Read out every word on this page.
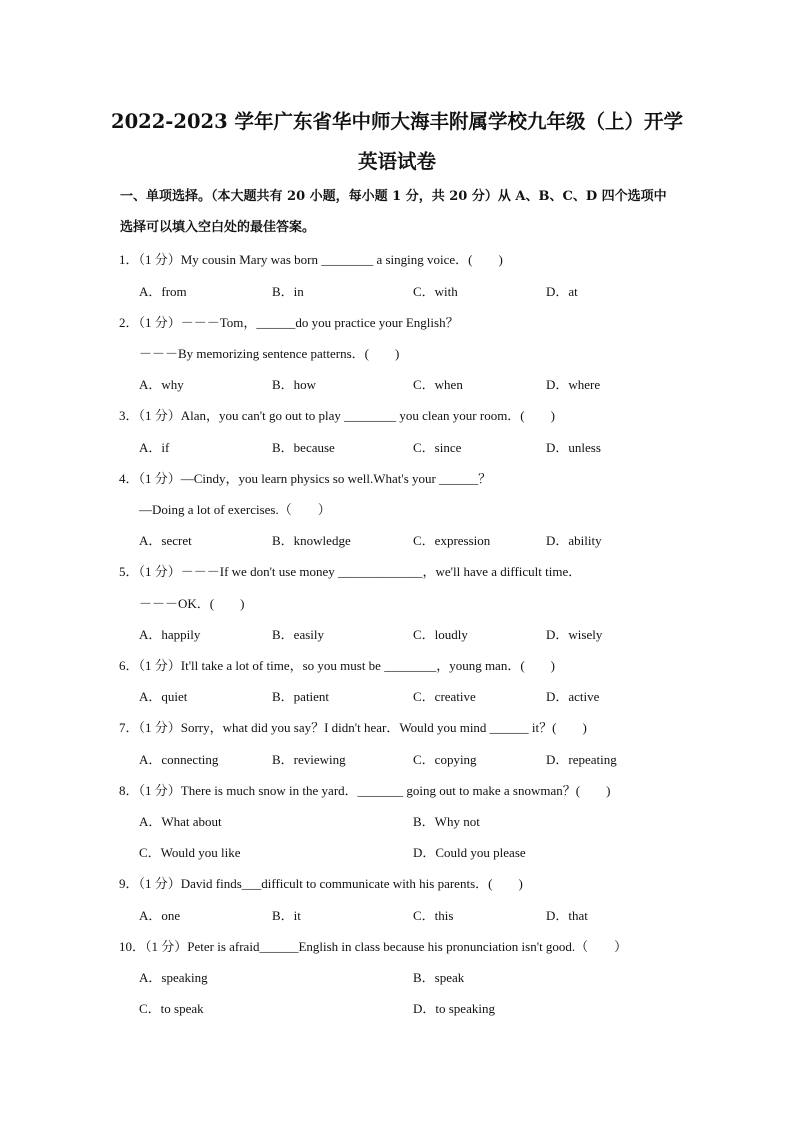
2022-2023 学年广东省华中师大海丰附属学校九年级（上）开学
英语试卷
一、单项选择。（本大题共有 20 小题，每小题 1 分，共 20 分）从 A、B、C、D 四个选项中
选择可以填入空白处的最佳答案。
1．（1 分）My cousin Mary was born ________ a singing voice．(　　)
A．from	B．in	C．with	D．at
2．（1 分）－－－Tom，______do you practice your English？
－－－By memorizing sentence patterns．(　　)
A．why	B．how	C．when	D．where
3．（1 分）Alan，you can't go out to play ________ you clean your room．(　　)
A．if	B．because	C．since	D．unless
4．（1 分）—Cindy，you learn physics so well.What's your ______？
—Doing a lot of exercises.（　　）
A．secret	B．knowledge	C．expression	D．ability
5．（1 分）－－－If we don't use money _____________，we'll have a difficult time．
－－－OK．(　　)
A．happily	B．easily	C．loudly	D．wisely
6．（1 分）It'll take a lot of time，so you must be ________，young man．(　　)
A．quiet	B．patient	C．creative	D．active
7．（1 分）Sorry，what did you say？I didn't hear．Would you mind ______ it？(　　)
A．connecting	B．reviewing	C．copying	D．repeating
8．（1 分）There is much snow in the yard．_______ going out to make a snowman？(　　)
A．What about	B．Why not
C．Would you like	D．Could you please
9．（1 分）David finds___difficult to communicate with his parents．(　　)
A．one	B．it	C．this	D．that
10．（1 分）Peter is afraid______English in class because his pronunciation isn't good.（　　）
A．speaking	B．speak
C．to speak	D．to speaking
